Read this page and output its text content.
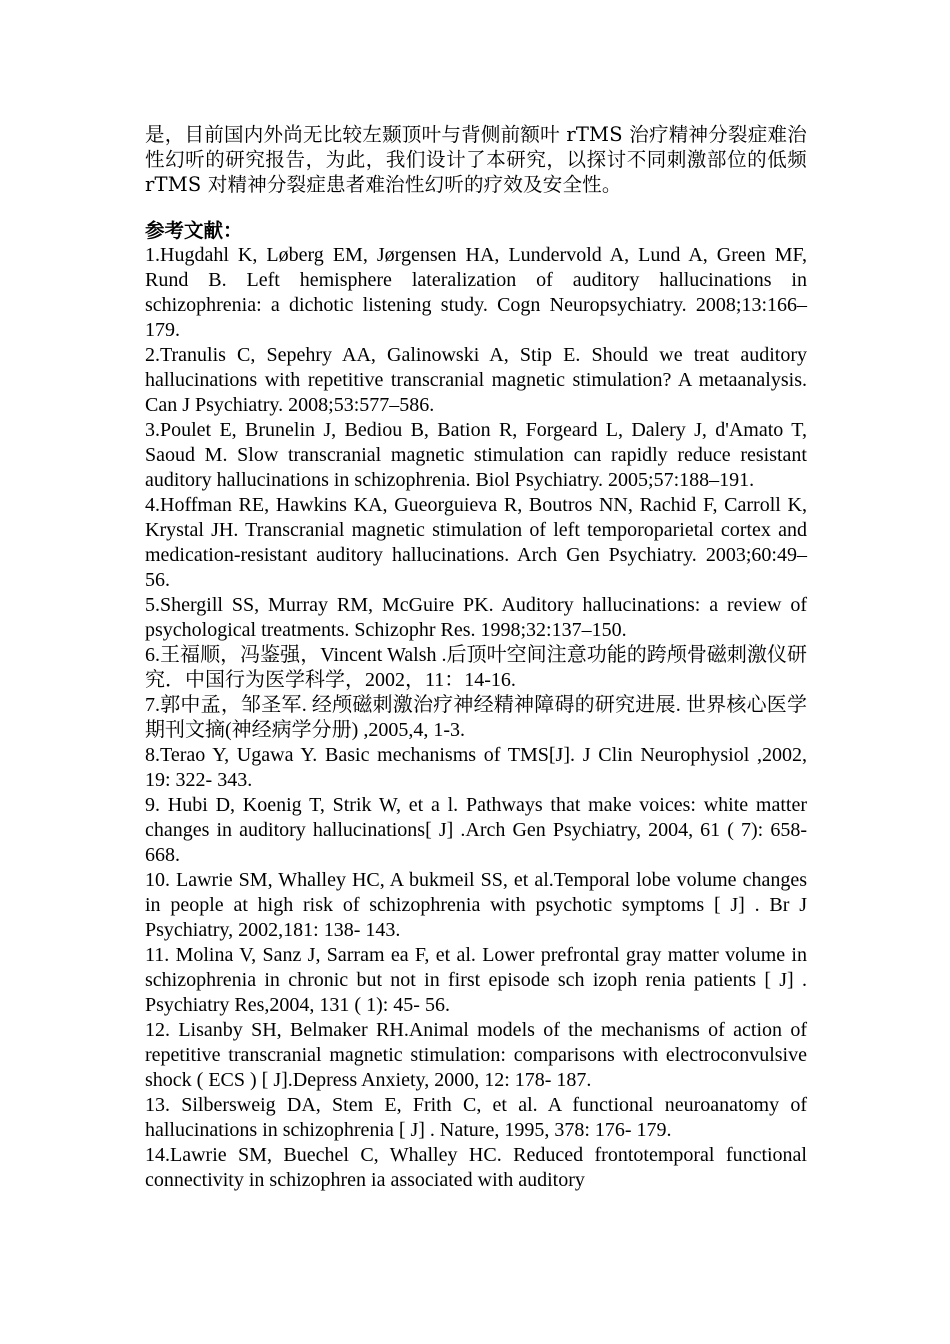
是，目前国内外尚无比较左颞顶叶与背侧前额叶 rTMS 治疗精神分裂症难治性幻听的研究报告，为此，我们设计了本研究，以探讨不同刺激部位的低频 rTMS 对精神分裂症患者难治性幻听的疗效及安全性。

参考文献：
1.Hugdahl K, Løberg EM, Jørgensen HA, Lundervold A, Lund A, Green MF, Rund B. Left hemisphere lateralization of auditory hallucinations in schizophrenia: a dichotic listening study. Cogn Neuropsychiatry. 2008;13:166–179.
2.Tranulis C, Sepehry AA, Galinowski A, Stip E. Should we treat auditory hallucinations with repetitive transcranial magnetic stimulation? A metaanalysis. Can J Psychiatry. 2008;53:577–586.
3.Poulet E, Brunelin J, Bediou B, Bation R, Forgeard L, Dalery J, d'Amato T, Saoud M. Slow transcranial magnetic stimulation can rapidly reduce resistant auditory hallucinations in schizophrenia. Biol Psychiatry. 2005;57:188–191.
4.Hoffman RE, Hawkins KA, Gueorguieva R, Boutros NN, Rachid F, Carroll K, Krystal JH. Transcranial magnetic stimulation of left temporoparietal cortex and medication-resistant auditory hallucinations. Arch Gen Psychiatry. 2003;60:49–56.
5.Shergill SS, Murray RM, McGuire PK. Auditory hallucinations: a review of psychological treatments. Schizophr Res. 1998;32:137–150.
6.王福顺，冯鉴强，Vincent Walsh .后顶叶空间注意功能的跨颅骨磁刺激仪研究．中国行为医学科学，2002，11：14-16.
7.郭中孟，邹圣军. 经颅磁刺激治疗神经精神障碍的研究进展. 世界核心医学期刊文摘(神经病学分册) ,2005,4, 1-3.
8.Terao Y, Ugawa Y. Basic mechanisms of TMS[J]. J Clin Neurophysiol ,2002, 19: 322- 343.
9. Hubi D, Koenig T, Strik W, et a l. Pathways that make voices: white matter changes in auditory hallucinations[ J] .Arch Gen Psychiatry, 2004, 61 ( 7): 658- 668.
10. Lawrie SM, Whalley HC, A bukmeil SS, et al.Temporal lobe volume changes in people at high risk of schizophrenia with psychotic symptoms [ J] . Br J Psychiatry, 2002,181: 138- 143.
11. Molina V, Sanz J, Sarram ea F, et al. Lower prefrontal gray matter volume in schizophrenia in chronic but not in first episode sch izoph renia patients [ J] . Psychiatry Res,2004, 131 ( 1): 45- 56.
12. Lisanby SH, Belmaker RH.Animal models of the mechanisms of action of repetitive transcranial magnetic stimulation: comparisons with electroconvulsive shock ( ECS ) [ J].Depress Anxiety, 2000, 12: 178- 187.
13. Silbersweig DA, Stem E, Frith C, et al. A functional neuroanatomy of hallucinations in schizophrenia [ J] . Nature, 1995, 378: 176- 179.
14.Lawrie SM, Buechel C, Whalley HC. Reduced frontotemporal functional connectivity in schizophren ia associated with auditory
